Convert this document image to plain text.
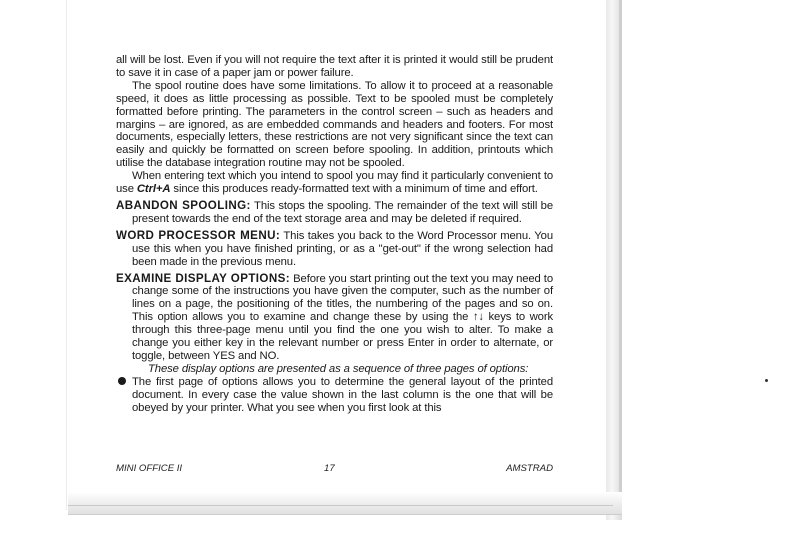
all will be lost. Even if you will not require the text after it is printed it would still be prudent to save it in case of a paper jam or power failure.

The spool routine does have some limitations. To allow it to proceed at a reasonable speed, it does as little processing as possible. Text to be spooled must be completely formatted before printing. The parameters in the control screen – such as headers and margins – are ignored, as are embedded commands and headers and footers. For most documents, especially letters, these restrictions are not very significant since the text can easily and quickly be formatted on screen before spooling. In addition, printouts which utilise the database integration routine may not be spooled.

When entering text which you intend to spool you may find it particularly convenient to use Ctrl+A since this produces ready-formatted text with a minimum of time and effort.

ABANDON SPOOLING: This stops the spooling. The remainder of the text will still be present towards the end of the text storage area and may be deleted if required.

WORD PROCESSOR MENU: This takes you back to the Word Processor menu. You use this when you have finished printing, or as a "get-out" if the wrong selection had been made in the previous menu.

EXAMINE DISPLAY OPTIONS: Before you start printing out the text you may need to change some of the instructions you have given the computer, such as the number of lines on a page, the positioning of the titles, the numbering of the pages and so on. This option allows you to examine and change these by using the ↑↓ keys to work through this three-page menu until you find the one you wish to alter. To make a change you either key in the relevant number or press Enter in order to alternate, or toggle, between YES and NO.

These display options are presented as a sequence of three pages of options:

The first page of options allows you to determine the general layout of the printed document. In every case the value shown in the last column is the one that will be obeyed by your printer. What you see when you first look at this

MINI OFFICE II	17	AMSTRAD
